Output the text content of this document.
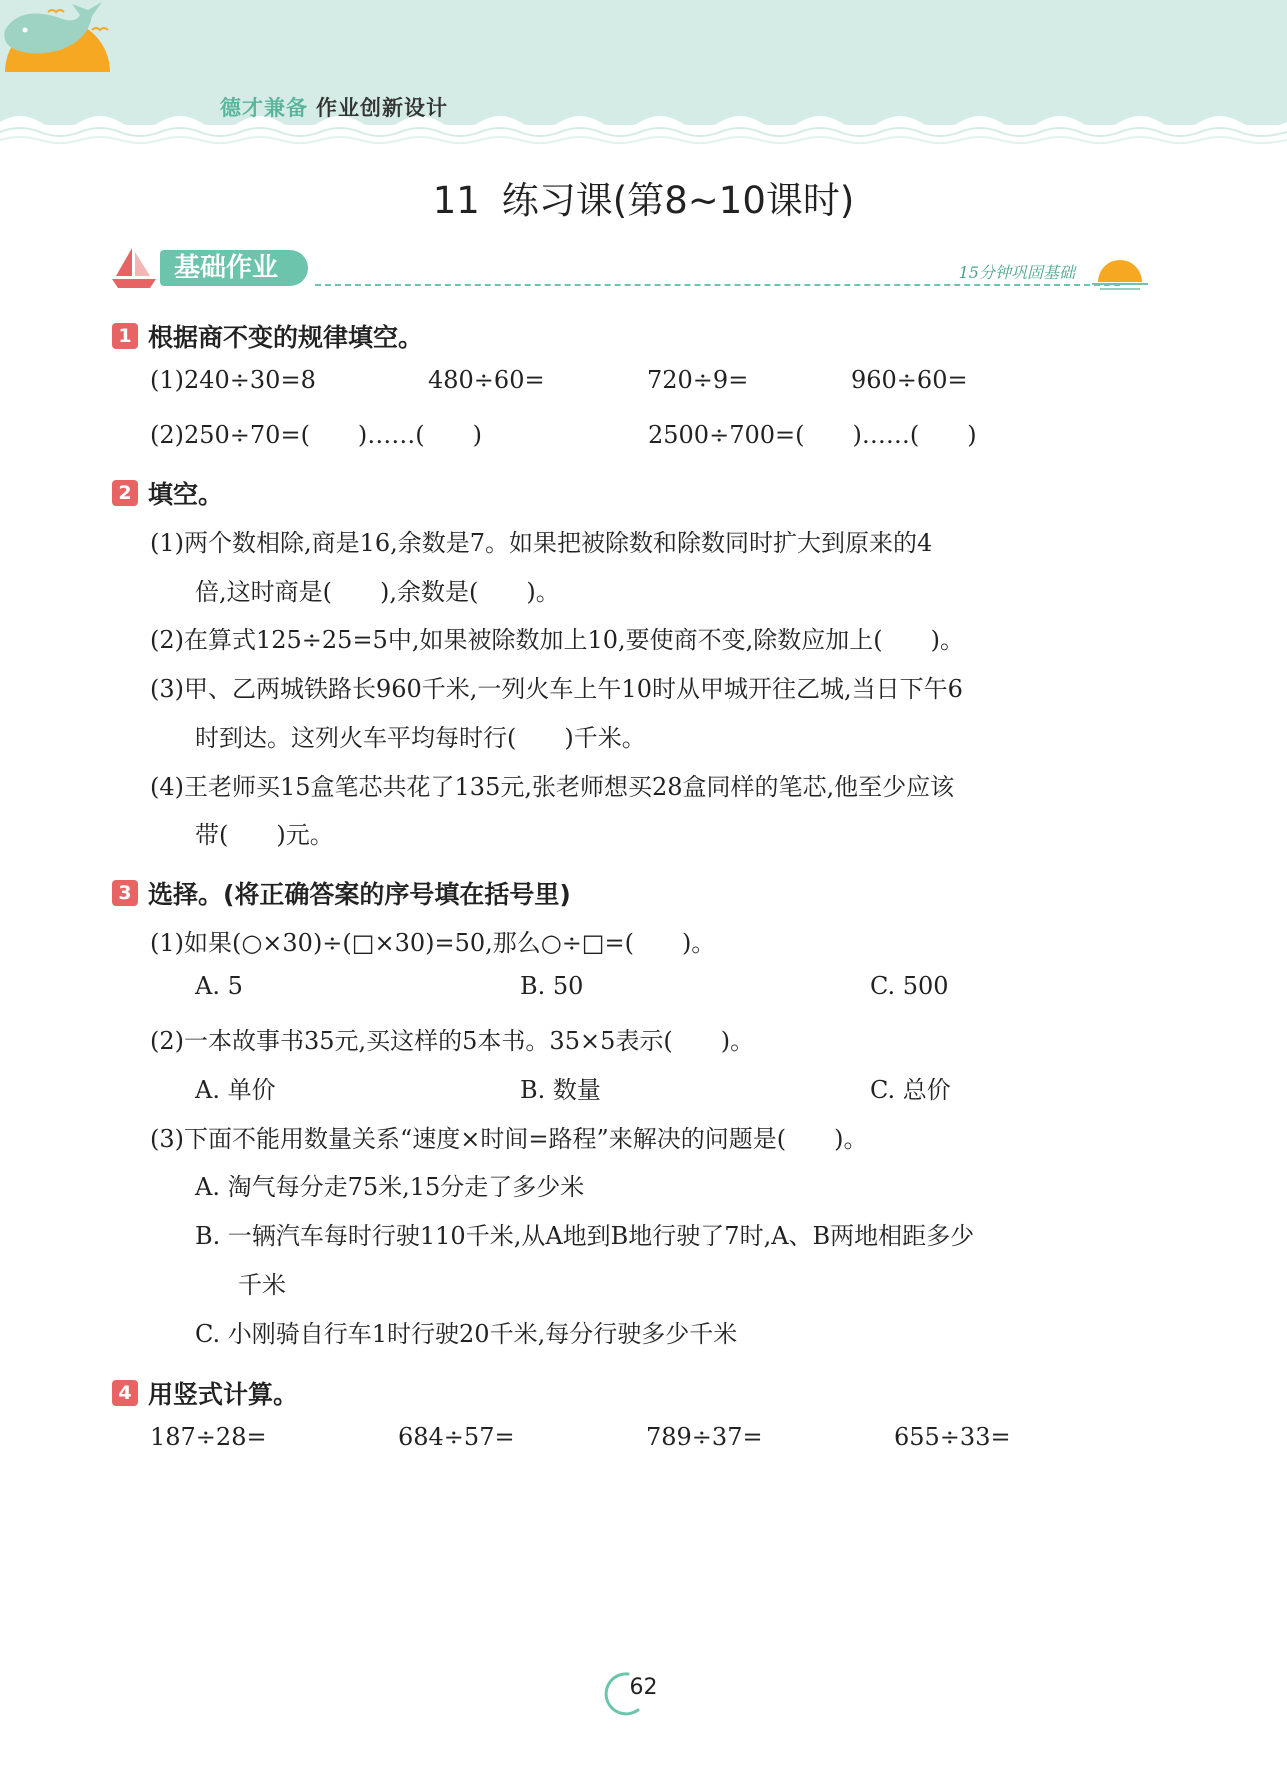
德才兼备 作业创新设计
11 练习课(第8~10课时)
基础作业	15分钟巩固基础
1 根据商不变的规律填空。
(1)240÷30=8	480÷60=	720÷9=	960÷60=
(2)250÷70=(　　)……(　　)	2500÷700=(　　)……(　　)
2 填空。
(1)两个数相除,商是16,余数是7。如果把被除数和除数同时扩大到原来的4
倍,这时商是(　　),余数是(　　)。
(2)在算式125÷25=5中,如果被除数加上10,要使商不变,除数应加上(　　)。
(3)甲、乙两城铁路长960千米,一列火车上午10时从甲城开往乙城,当日下午6
时到达。这列火车平均每时行(　　)千米。
(4)王老师买15盒笔芯共花了135元,张老师想买28盒同样的笔芯,他至少应该
带(　　)元。
3 选择。(将正确答案的序号填在括号里)
(1)如果(○×30)÷(□×30)=50,那么○÷□=(　　)。
A. 5	B. 50	C. 500
(2)一本故事书35元,买这样的5本书。35×5表示(　　)。
A. 单价	B. 数量	C. 总价
(3)下面不能用数量关系“速度×时间=路程”来解决的问题是(　　)。
A. 淘气每分走75米,15分走了多少米
B. 一辆汽车每时行驶110千米,从A地到B地行驶了7时,A、B两地相距多少
千米
C. 小刚骑自行车1时行驶20千米,每分行驶多少千米
4 用竖式计算。
187÷28=	684÷57=	789÷37=	655÷33=
62
